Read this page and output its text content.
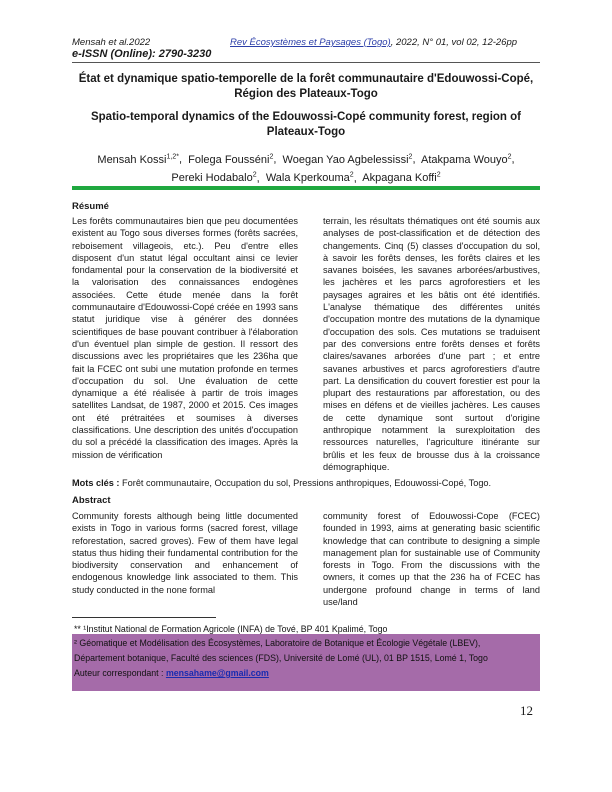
Mensah et al.2022
e-ISSN (Online): 2790-3230
Rev Écosystèmes et Paysages (Togo), 2022, N° 01, vol 02, 12-26pp
État et dynamique spatio-temporelle de la forêt communautaire d'Edouwossi-Copé, Région des Plateaux-Togo
Spatio-temporal dynamics of the Edouwossi-Copé community forest, region of Plateaux-Togo
Mensah Kossi$^{1,2*}$,  Folega Fousséni$^2$,  Woegan Yao Agbelessissi$^2$,  Atakpama Wouyo$^2$,
Pereki Hodabalo$^2$,  Wala Kperkouma$^2$,  Akpagana Koffi$^2$
Résumé

Les forêts communautaires bien que peu documentées existent au Togo sous diverses formes (forêts sacrées, reboisement villageois, etc.). Peu d'entre elles disposent d'un statut légal occultant ainsi ce levier fondamental pour la conservation de la biodiversité et la valorisation des connaissances endogènes associées. Cette étude menée dans la forêt communautaire d'Edouwossi-Copé créée en 1993 sans statut juridique vise à générer des données scientifiques de base pouvant contribuer à l'élaboration d'un éventuel plan simple de gestion. Il ressort des discussions avec les propriétaires que les 236ha que fait la FCEC ont subi une mutation profonde en termes d'occupation du sol. Une évaluation de cette dynamique a été réalisée à partir de trois images satellites Landsat, de 1987, 2000 et 2015. Ces images ont été prétraitées et soumises à diverses classifications. Une description des unités d'occupation du sol a précédé la classification des images. Après la mission de vérification

terrain, les résultats thématiques ont été soumis aux analyses de post-classification et de détection des changements. Cinq (5) classes d'occupation du sol, à savoir les forêts denses, les forêts claires et les savanes boisées, les savanes arborées/arbustives, les jachères et les parcs agroforestiers et les paysages agraires et les bâtis ont été identifiés. L'analyse thématique des différentes unités d'occupation montre des mutations de la dynamique d'occupation des sols. Ces mutations se traduisent par des conversions entre forêts denses et forêts claires/savanes arborées d'une part ; et entre savanes arbustives et parcs agroforestiers d'autre part. La densification du couvert forestier est pour la plupart des restaurations par afforestation, ou des mises en défens et de vieilles jachères. Les causes de cette dynamique sont surtout d'origine anthropique notamment la surexploitation des ressources naturelles, l'agriculture itinérante sur brûlis et les feux de brousse dus à la croissance démographique.

Mots clés : Forêt communautaire, Occupation du sol, Pressions anthropiques, Edouwossi-Copé, Togo.
Abstract

Community forests although being little documented exists in Togo in various forms (sacred forest, village reforestation, sacred groves). Few of them have legal status thus hiding their fundamental contribution for the biodiversity conservation and enhancement of endogenous knowledge link associated to them. This study conducted in the none formal

community forest of Edouwossi-Cope (FCEC) founded in 1993, aims at generating basic scientific knowledge that can contribute to designing a simple management plan for sustainable use of Community forests in Togo. From the discussions with the owners, it comes up that the 236 ha of FCEC has undergone profound change in terms of land use/land

** ¹Institut National de Formation Agricole (INFA) de Tové, BP 401 Kpalimé, Togo
² Géomatique et Modélisation des Écosystèmes, Laboratoire de Botanique et Écologie Végétale (LBEV),
Département botanique, Faculté des sciences (FDS), Université de Lomé (UL), 01 BP 1515, Lomé 1, Togo
Auteur correspondant : mensahame@gmail.com
12
